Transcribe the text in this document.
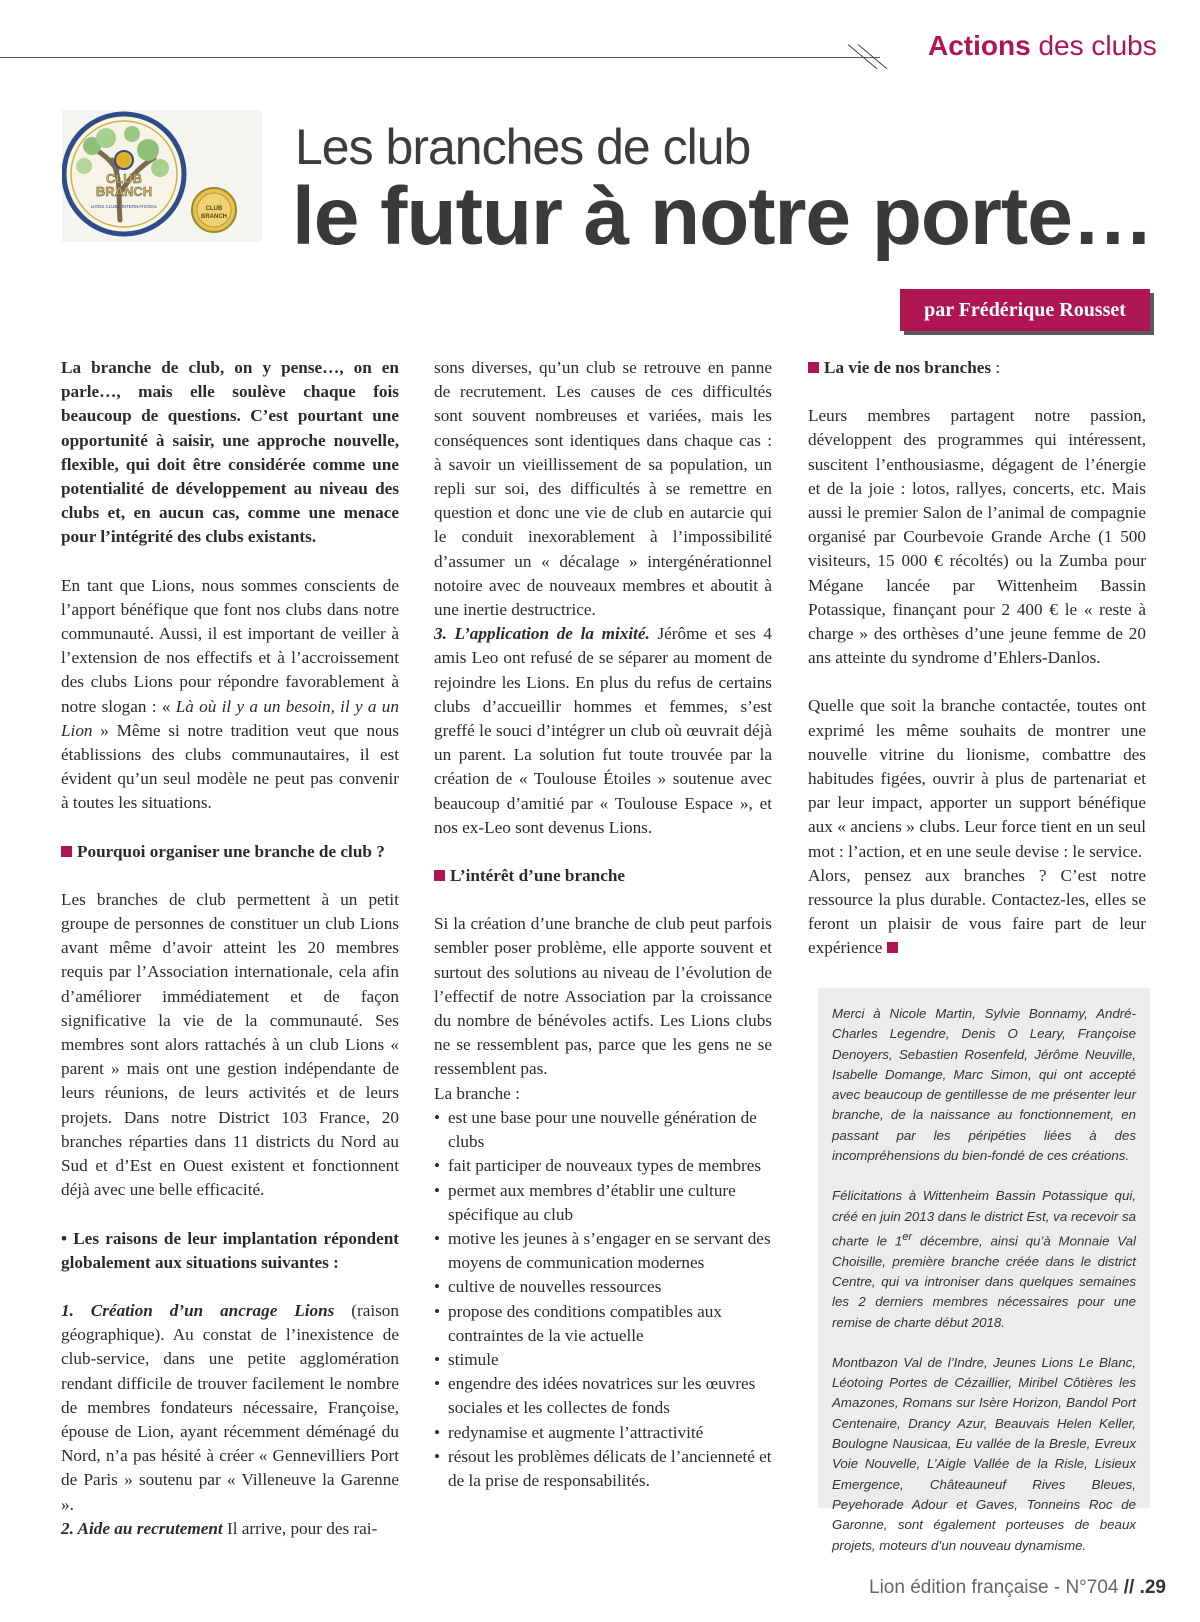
Actions des clubs
CLUB
BRANCH
LIONS CLUBS INTERNATIONAL	CLUB
BRANCH
Les branches de club
le futur à notre porte…
par Frédérique Rousset

La branche de club, on y pense…, on en parle…, mais elle soulève chaque fois beaucoup de questions. C’est pourtant une opportunité à saisir, une approche nouvelle, flexible, qui doit être considérée comme une potentialité de développement au niveau des clubs et, en aucun cas, comme une menace pour l’intégrité des clubs existants.

En tant que Lions, nous sommes conscients de l’apport bénéfique que font nos clubs dans notre communauté. Aussi, il est important de veiller à l’extension de nos effectifs et à l’accroissement des clubs Lions pour répondre favorablement à notre slogan : « Là où il y a un besoin, il y a un Lion » Même si notre tradition veut que nous établissions des clubs communautaires, il est évident qu’un seul modèle ne peut pas convenir à toutes les situations.

Pourquoi organiser une branche de club ?

Les branches de club permettent à un petit groupe de personnes de constituer un club Lions avant même d’avoir atteint les 20 membres requis par l’Association internationale, cela afin d’améliorer immédiatement et de façon significative la vie de la communauté. Ses membres sont alors rattachés à un club Lions « parent » mais ont une gestion indépendante de leurs réunions, de leurs activités et de leurs projets. Dans notre District 103 France, 20 branches réparties dans 11 districts du Nord au Sud et d’Est en Ouest existent et fonctionnent déjà avec une belle efficacité.

• Les raisons de leur implantation répondent globalement aux situations suivantes :

1. Création d’un ancrage Lions (raison géographique). Au constat de l’inexistence de club-service, dans une petite agglomération rendant difficile de trouver facilement le nombre de membres fondateurs nécessaire, Françoise, épouse de Lion, ayant récemment déménagé du Nord, n’a pas hésité à créer « Gennevilliers Port de Paris » soutenu par « Villeneuve la Garenne ».

2. Aide au recrutement Il arrive, pour des rai-

sons diverses, qu’un club se retrouve en panne de recrutement. Les causes de ces difficultés sont souvent nombreuses et variées, mais les conséquences sont identiques dans chaque cas : à savoir un vieillissement de sa population, un repli sur soi, des difficultés à se remettre en question et donc une vie de club en autarcie qui le conduit inexorablement à l’impossibilité d’assumer un « décalage » intergénérationnel notoire avec de nouveaux membres et aboutit à une inertie destructrice.

3. L’application de la mixité. Jérôme et ses 4 amis Leo ont refusé de se séparer au moment de rejoindre les Lions. En plus du refus de certains clubs d’accueillir hommes et femmes, s’est greffé le souci d’intégrer un club où œuvrait déjà un parent. La solution fut toute trouvée par la création de « Toulouse Étoiles » soutenue avec beaucoup d’amitié par « Toulouse Espace », et nos ex-Leo sont devenus Lions.

L’intérêt d’une branche

Si la création d’une branche de club peut parfois sembler poser problème, elle apporte souvent et surtout des solutions au niveau de l’évolution de l’effectif de notre Association par la croissance du nombre de bénévoles actifs. Les Lions clubs ne se ressemblent pas, parce que les gens ne se ressemblent pas.

La branche :

• est une base pour une nouvelle génération de clubs
• fait participer de nouveaux types de membres
• permet aux membres d’établir une culture spécifique au club
• motive les jeunes à s’engager en se servant des moyens de communication modernes
• cultive de nouvelles ressources
• propose des conditions compatibles aux contraintes de la vie actuelle
• stimule
• engendre des idées novatrices sur les œuvres sociales et les collectes de fonds
• redynamise et augmente l’attractivité
• résout les problèmes délicats de l’ancienneté et de la prise de responsabilités.

La vie de nos branches :

Leurs membres partagent notre passion, développent des programmes qui intéressent, suscitent l’enthousiasme, dégagent de l’énergie et de la joie : lotos, rallyes, concerts, etc. Mais aussi le premier Salon de l’animal de compagnie organisé par Courbevoie Grande Arche (1 500 visiteurs, 15 000 € récoltés) ou la Zumba pour Mégane lancée par Wittenheim Bassin Potassique, finançant pour 2 400 € le « reste à charge » des orthèses d’une jeune femme de 20 ans atteinte du syndrome d’Ehlers-Danlos.

Quelle que soit la branche contactée, toutes ont exprimé les même souhaits de montrer une nouvelle vitrine du lionisme, combattre des habitudes figées, ouvrir à plus de partenariat et par leur impact, apporter un support bénéfique aux « anciens » clubs. Leur force tient en un seul mot : l’action, et en une seule devise : le service.

Alors, pensez aux branches ? C’est notre ressource la plus durable. Contactez-les, elles se feront un plaisir de vous faire part de leur expérience

Merci à Nicole Martin, Sylvie Bonnamy, André-Charles Legendre, Denis O Leary, Françoise Denoyers, Sebastien Rosenfeld, Jérôme Neuville, Isabelle Domange, Marc Simon, qui ont accepté avec beaucoup de gentillesse de me présenter leur branche, de la naissance au fonctionnement, en passant par les péripéties liées à des incompréhensions du bien-fondé de ces créations.

Félicitations à Wittenheim Bassin Potassique qui, créé en juin 2013 dans le district Est, va recevoir sa charte le 1er décembre, ainsi qu’à Monnaie Val Choisille, première branche créée dans le district Centre, qui va introniser dans quelques semaines les 2 derniers membres nécessaires pour une remise de charte début 2018.

Montbazon Val de l’Indre, Jeunes Lions Le Blanc, Léotoing Portes de Cézaillier, Miribel Côtières les Amazones, Romans sur Isère Horizon, Bandol Port Centenaire, Drancy Azur, Beauvais Helen Keller, Boulogne Nausicaa, Eu vallée de la Bresle, Evreux Voie Nouvelle, L’Aigle Vallée de la Risle, Lisieux Emergence, Châteauneuf Rives Bleues, Peyehorade Adour et Gaves, Tonneins Roc de Garonne, sont également porteuses de beaux projets, moteurs d’un nouveau dynamisme.

Lion édition française - N°704 // .29
